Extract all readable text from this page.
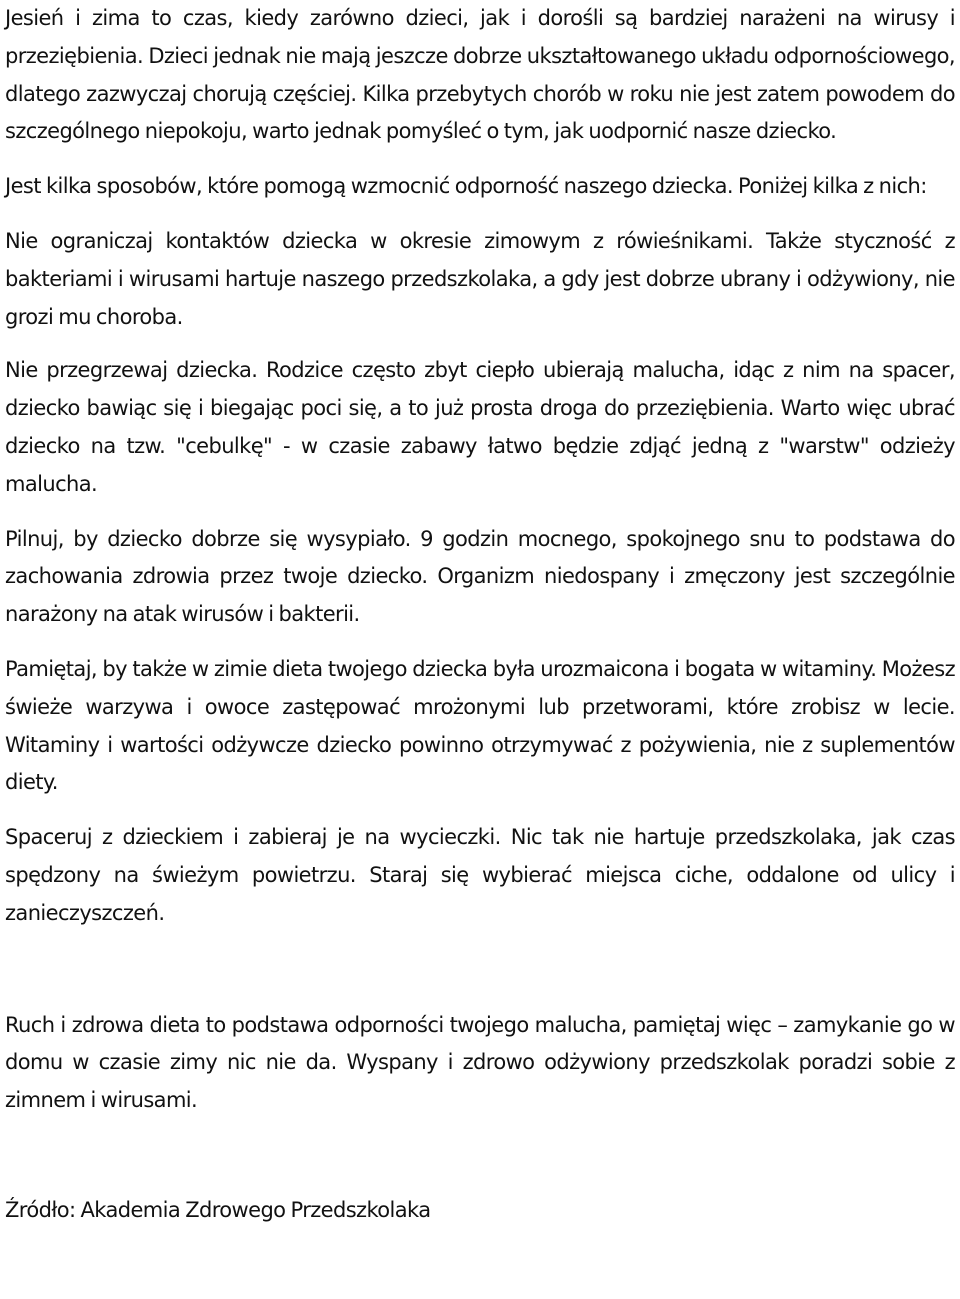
Jesień i zima to czas, kiedy zarówno dzieci, jak i dorośli są bardziej narażeni na wirusy i przeziębienia. Dzieci jednak nie mają jeszcze dobrze ukształtowanego układu odpornościowego, dlatego zazwyczaj chorują częściej. Kilka przebytych chorób w roku nie jest zatem powodem do szczególnego niepokoju, warto jednak pomyśleć o tym, jak uodpornić nasze dziecko.

Jest kilka sposobów, które pomogą wzmocnić odporność naszego dziecka. Poniżej kilka z nich:

Nie ograniczaj kontaktów dziecka w okresie zimowym z rówieśnikami. Także styczność z bakteriami i wirusami hartuje naszego przedszkolaka, a gdy jest dobrze ubrany i odżywiony, nie grozi mu choroba.

Nie przegrzewaj dziecka. Rodzice często zbyt ciepło ubierają malucha, idąc z nim na spacer, dziecko bawiąc się i biegając poci się, a to już prosta droga do przeziębienia. Warto więc ubrać dziecko na tzw. "cebulkę" - w czasie zabawy łatwo będzie zdjąć jedną z "warstw" odzieży malucha.

Pilnuj, by dziecko dobrze się wysypiało. 9 godzin mocnego, spokojnego snu to podstawa do zachowania zdrowia przez twoje dziecko. Organizm niedospany i zmęczony jest szczególnie narażony na atak wirusów i bakterii.

Pamiętaj, by także w zimie dieta twojego dziecka była urozmaicona i bogata w witaminy. Możesz świeże warzywa i owoce zastępować mrożonymi lub przetworami, które zrobisz w lecie. Witaminy i wartości odżywcze dziecko powinno otrzymywać z pożywienia, nie z suplementów diety.

Spaceruj z dzieckiem i zabieraj je na wycieczki. Nic tak nie hartuje przedszkolaka, jak czas spędzony na świeżym powietrzu. Staraj się wybierać miejsca ciche, oddalone od ulicy i zanieczyszczeń.

Ruch i zdrowa dieta to podstawa odporności twojego malucha, pamiętaj więc – zamykanie go w domu w czasie zimy nic nie da. Wyspany i zdrowo odżywiony przedszkolak poradzi sobie z zimnem i wirusami.

Źródło: Akademia Zdrowego Przedszkolaka
